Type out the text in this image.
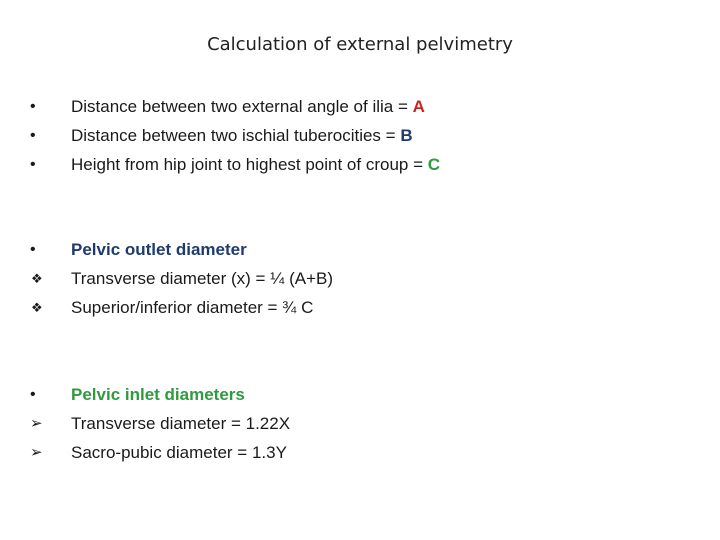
Calculation of external pelvimetry
•	Distance between two external angle of ilia = A
•	Distance between two ischial tuberocities = B
•	Height from hip joint to highest point of croup = C
•	Pelvic outlet diameter
❖	Transverse diameter (x) = ¼ (A+B)
❖	Superior/inferior diameter = ¾ C
•	Pelvic inlet diameters
➢	Transverse diameter = 1.22X
➢	Sacro-pubic diameter = 1.3Y
